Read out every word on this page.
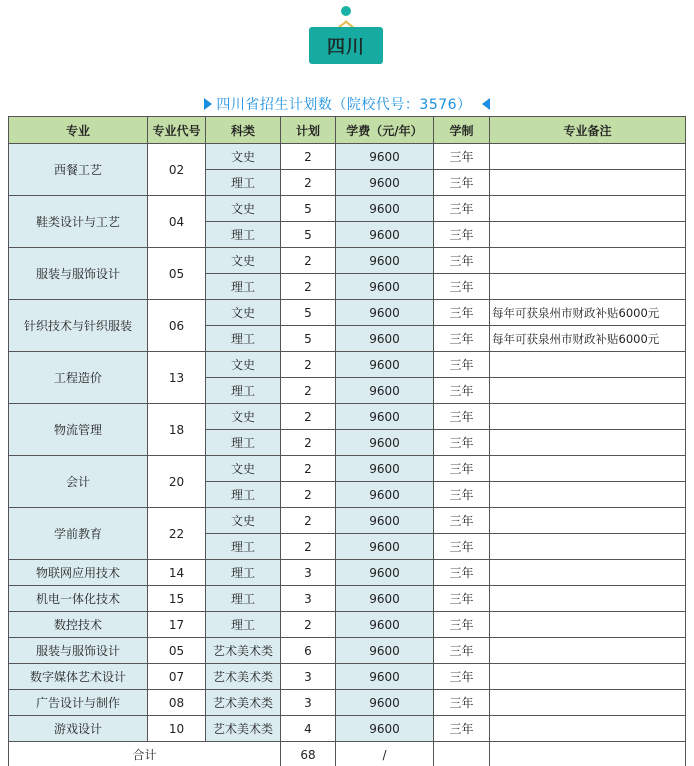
四川
四川省招生计划数（院校代号：3576）
专业	专业代号	科类	计划	学费（元/年）	学制	专业备注
西餐工艺	02	文史	2	9600	三年	
		理工	2	9600	三年	
鞋类设计与工艺	04	文史	5	9600	三年	
		理工	5	9600	三年	
服装与服饰设计	05	文史	2	9600	三年	
		理工	2	9600	三年	
针织技术与针织服装	06	文史	5	9600	三年	每年可获泉州市财政补贴6000元
		理工	5	9600	三年	每年可获泉州市财政补贴6000元
工程造价	13	文史	2	9600	三年	
		理工	2	9600	三年	
物流管理	18	文史	2	9600	三年	
		理工	2	9600	三年	
会计	20	文史	2	9600	三年	
		理工	2	9600	三年	
学前教育	22	文史	2	9600	三年	
		理工	2	9600	三年	
物联网应用技术	14	理工	3	9600	三年	
机电一体化技术	15	理工	3	9600	三年	
数控技术	17	理工	2	9600	三年	
服装与服饰设计	05	艺术美术类	6	9600	三年	
数字媒体艺术设计	07	艺术美术类	3	9600	三年	
广告设计与制作	08	艺术美术类	3	9600	三年	
游戏设计	10	艺术美术类	4	9600	三年	
合计			68	/		
